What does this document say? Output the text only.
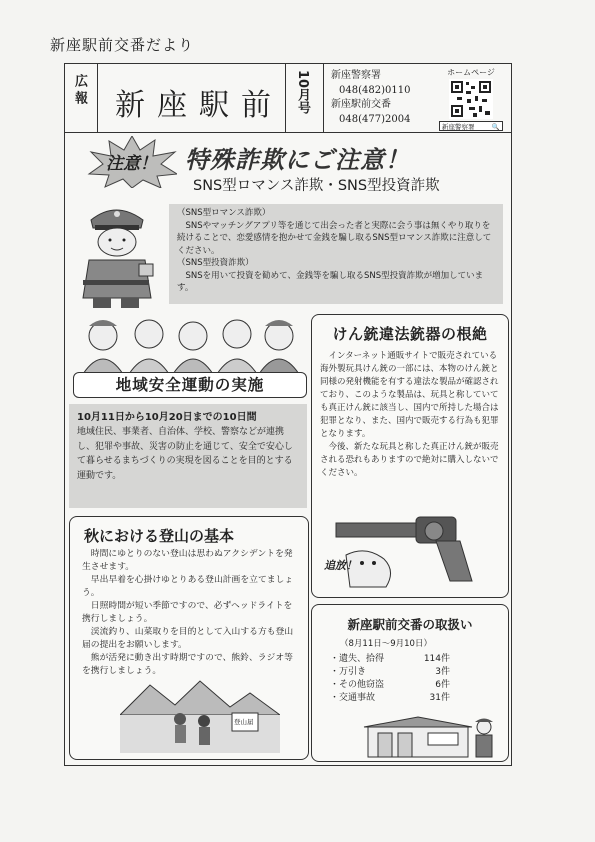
新座駅前交番だより
広報 新座駅前 10月号 新座警察署
048(482)0110
新座駅前交番
048(477)2004
ホームページ
新座警察署	🔍
注意！ 特殊詐欺にご注意！
SNS型ロマンス詐欺・SNS型投資詐欺
（SNS型ロマンス詐欺）
SNSやマッチングアプリ等を通じて出会った者と実際に会う事は無くやり取りを続けることで、恋愛感情を抱かせて金銭を騙し取るSNS型ロマンス詐欺に注意してください。
（SNS型投資詐欺）
SNSを用いて投資を勧めて、金銭等を騙し取るSNS型投資詐欺が増加しています。
地域安全運動の実施
10月11日から10月20日までの10日間
地域住民、事業者、自治体、学校、警察などが連携し、犯罪や事故、災害の防止を通じて、安全で安心して暮らせるまちづくりの実現を図ることを目的とする運動です。
けん銃違法銃器の根絶
インターネット通販サイトで販売されている海外製玩具けん銃の一部には、本物のけん銃と同様の発射機能を有する違法な製品が確認されており、このような製品は、玩具と称していても真正けん銃に該当し、国内で所持した場合は犯罪となり、また、国内で販売する行為も犯罪となります。
今後、新たな玩具と称した真正けん銃が販売される恐れもありますので絶対に購入しないでください。
追放！
秋における登山の基本
時間にゆとりのない登山は思わぬアクシデントを発生させます。
早出早着を心掛けゆとりある登山計画を立てましょう。
日照時間が短い季節ですので、必ずヘッドライトを携行しましょう。
渓流釣り、山菜取りを目的として入山する方も登山届の提出をお願いします。
熊が活発に動き出す時期ですので、熊鈴、ラジオ等を携行しましょう。
登山届
新座駅前交番の取扱い
（8月11日～9月10日）
・遺失、拾得	114件
・万引き	3件
・その他窃盗	6件
・交通事故	31件
